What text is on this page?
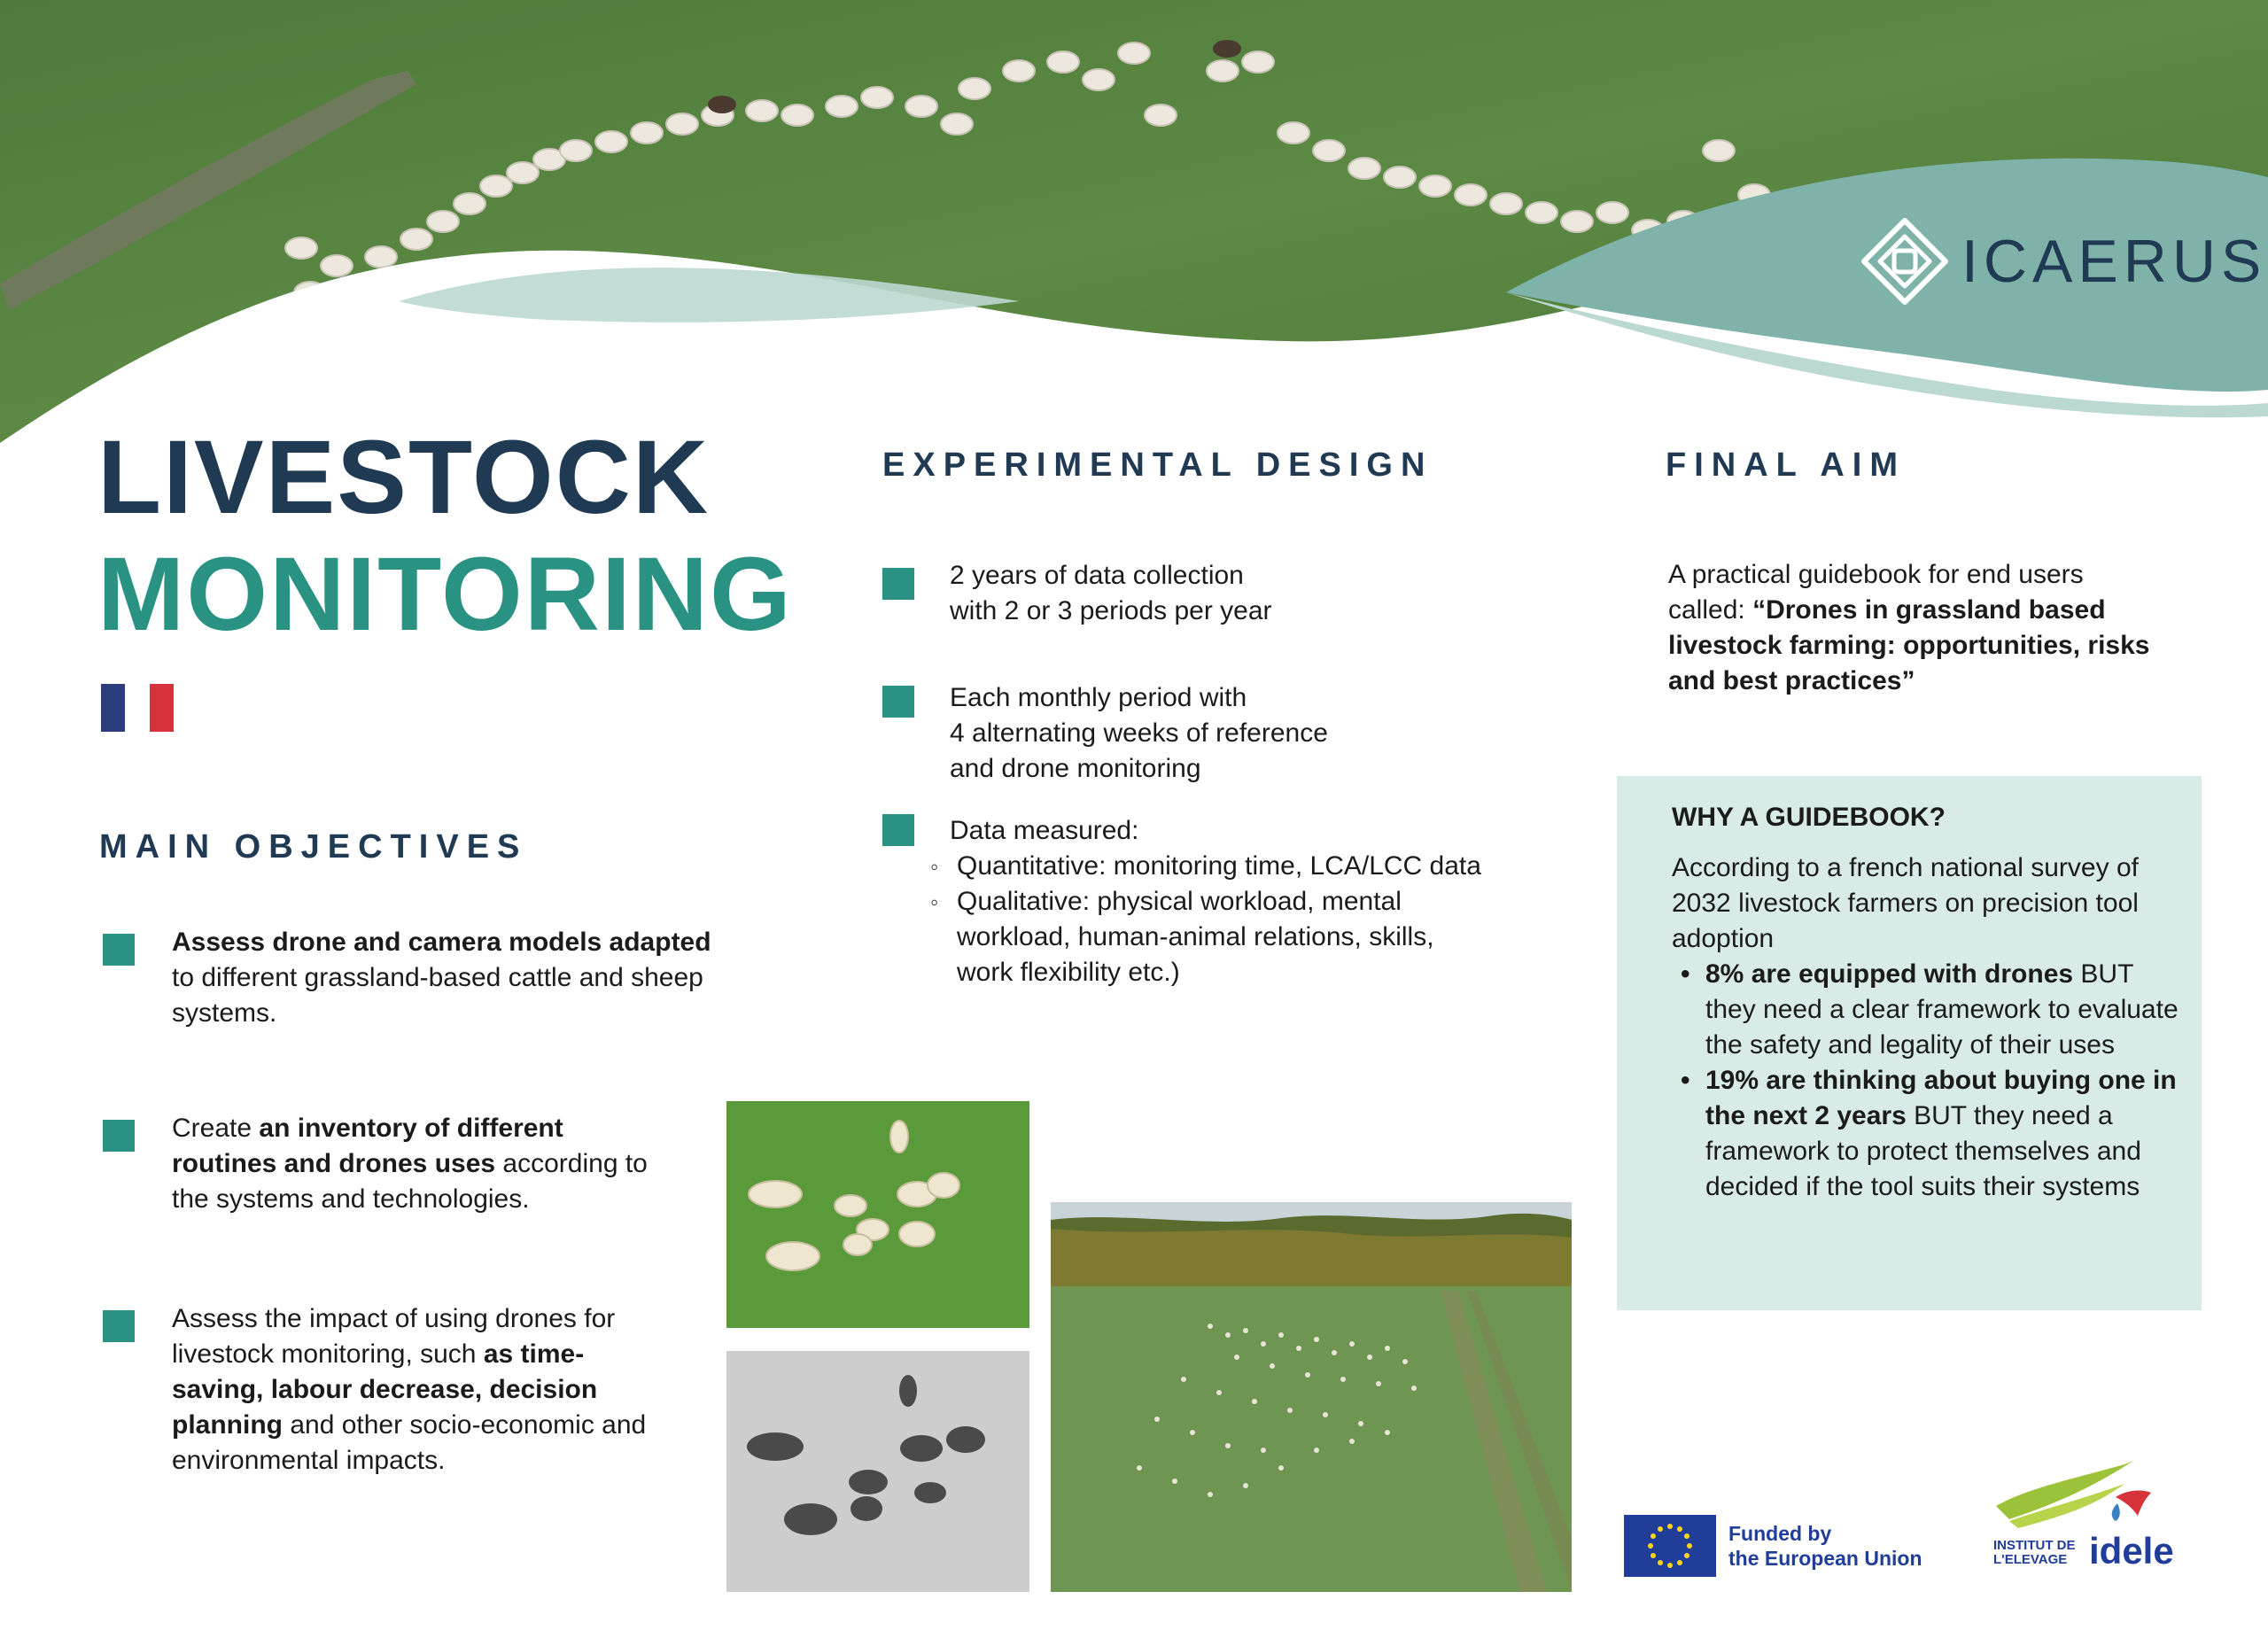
ICAERUS
LIVESTOCK
MONITORING
MAIN OBJECTIVES
Assess drone and camera models adapted to different grassland-based cattle and sheep systems.
Create an inventory of different routines and drones uses according to the systems and technologies.
Assess the impact of using drones for livestock monitoring, such as time-saving, labour decrease, decision planning and other socio-economic and environmental impacts.
EXPERIMENTAL DESIGN
2 years of data collection
with 2 or 3 periods per year
Each monthly period with
4 alternating weeks of reference
and drone monitoring
Data measured:
◦ Quantitative: monitoring time, LCA/LCC data
◦ Qualitative: physical workload, mental workload, human-animal relations, skills, work flexibility etc.)
FINAL AIM
A practical guidebook for end users called: “Drones in grassland based livestock farming: opportunities, risks and best practices”
WHY A GUIDEBOOK?
According to a french national survey of 2032 livestock farmers on precision tool adoption
• 8% are equipped with drones BUT they need a clear framework to evaluate the safety and legality of their uses
• 19% are thinking about buying one in the next 2 years BUT they need a framework to protect themselves and decided if the tool suits their systems
Funded by
the European Union
INSTITUT DE
L'ELEVAGE idele
